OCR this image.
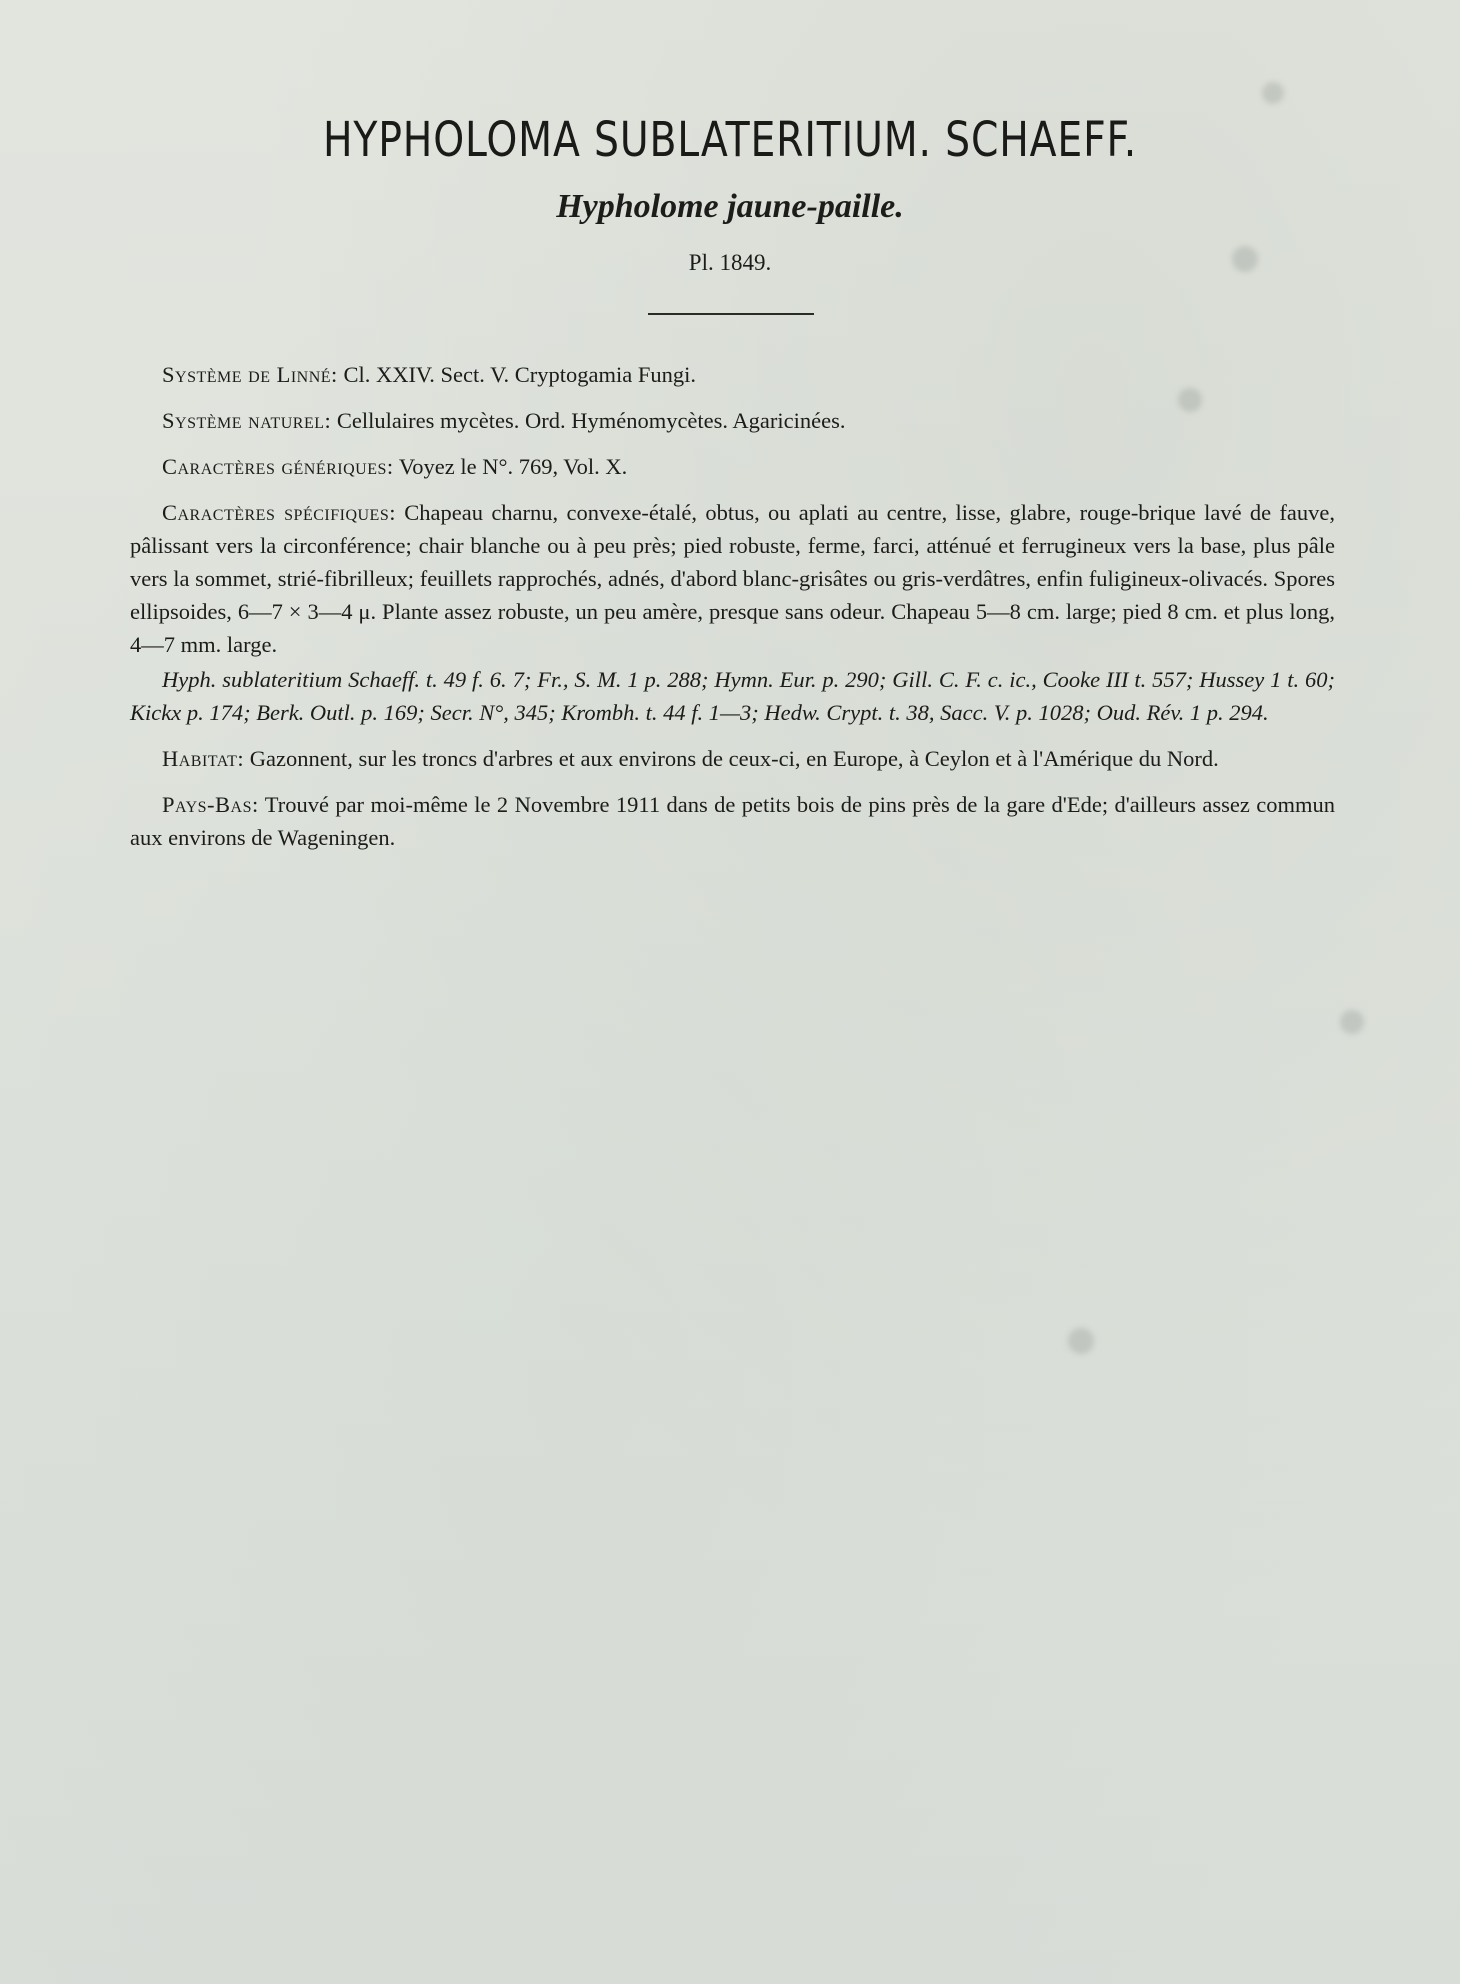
HYPHOLOMA SUBLATERITIUM. SCHAEFF.
Hypholome jaune-paille.
Pl. 1849.

Système de Linné: Cl. XXIV. Sect. V. Cryptogamia Fungi.

Système naturel: Cellulaires mycètes. Ord. Hyménomycètes. Agaricinées.

Caractères génériques: Voyez le N°. 769, Vol. X.

Caractères spécifiques: Chapeau charnu, convexe-étalé, obtus, ou aplati au centre, lisse, glabre, rouge-brique lavé de fauve, pâlissant vers la circonférence; chair blanche ou à peu près; pied robuste, ferme, farci, atténué et ferrugineux vers la base, plus pâle vers la sommet, strié-fibrilleux; feuillets rapprochés, adnés, d'abord blanc-grisâtes ou gris-verdâtres, enfin fuligineux-olivacés. Spores ellipsoides, 6—7 × 3—4 μ. Plante assez robuste, un peu amère, presque sans odeur. Chapeau 5—8 cm. large; pied 8 cm. et plus long, 4—7 mm. large.

Hyph. sublateritium Schaeff. t. 49 f. 6. 7; Fr., S. M. 1 p. 288; Hymn. Eur. p. 290; Gill. C. F. c. ic., Cooke III t. 557; Hussey 1 t. 60; Kickx p. 174; Berk. Outl. p. 169; Secr. N°, 345; Krombh. t. 44 f. 1—3; Hedw. Crypt. t. 38, Sacc. V. p. 1028; Oud. Rév. 1 p. 294.

Habitat: Gazonnent, sur les troncs d'arbres et aux environs de ceux-ci, en Europe, à Ceylon et à l'Amérique du Nord.

Pays-Bas: Trouvé par moi-même le 2 Novembre 1911 dans de petits bois de pins près de la gare d'Ede; d'ailleurs assez commun aux environs de Wageningen.
